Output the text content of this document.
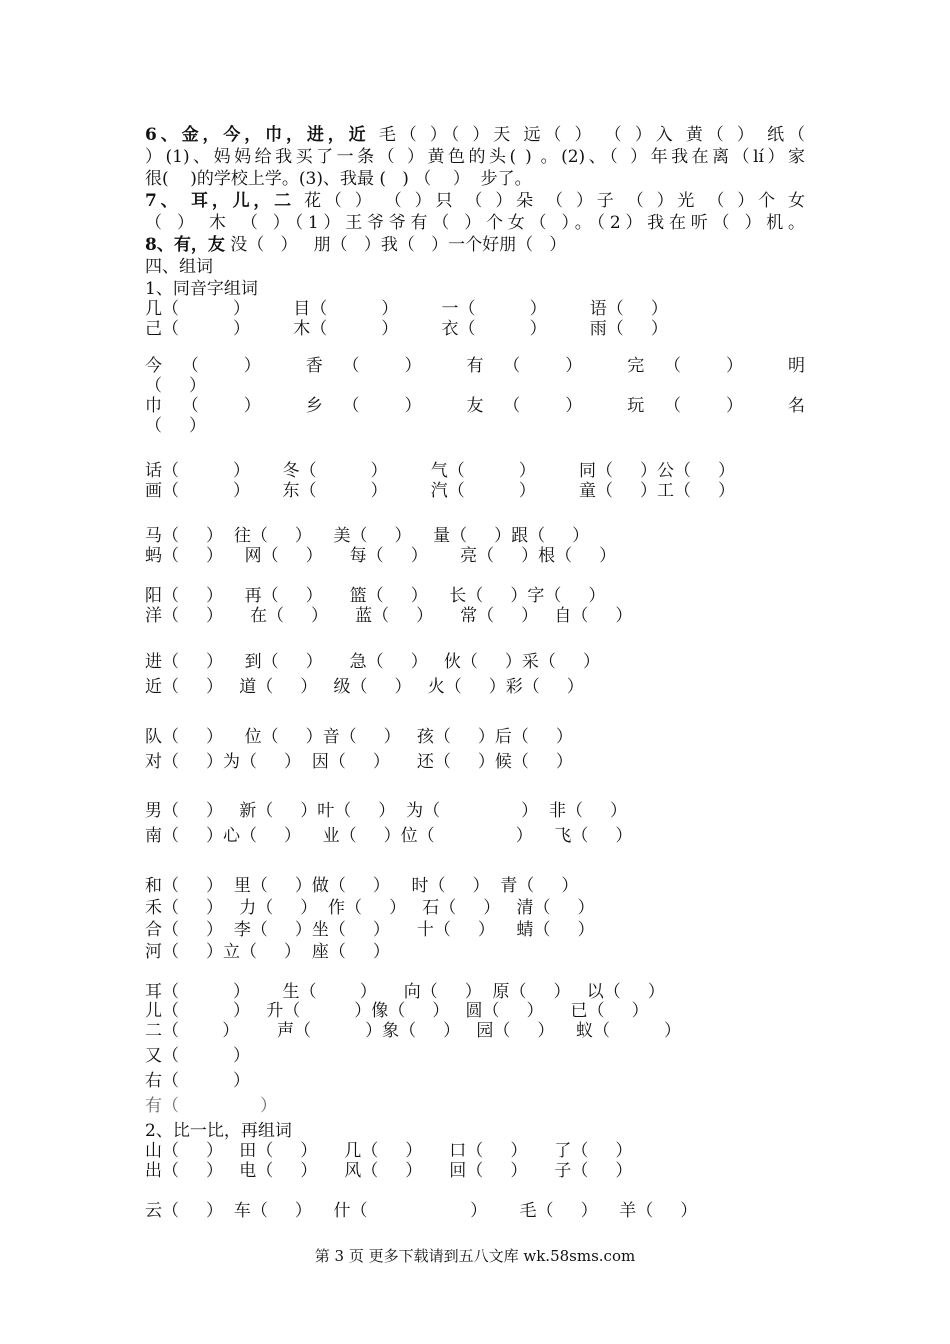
6、金，今，巾，进，近 毛（ ）（ ）天 远（ ） （ ）入 黄（ ） 纸（

）(1)、妈妈给我买了一条（ ）黄色的头( ) 。(2)、（ ）年我在离（lí）家

很(    )的学校上学。(3)、我最 (   ) （    ）  步了。

7、 耳，儿，二 花（ ） （ ）只 （ ）朵 （ ）子 （ ）光 （ ）个 女

（ ） 木 （ ）（1）王爷爷有（ ）个女（ ）。（2）我在听（ ）机。

8、有，友 没（   ）   朋（   ）我（   ）一个好朋（   ）

四、组词

1、同音字组词

几（          ）        目（          ）        一（          ）        语（     ）

己（          ）        木（          ）        衣（          ）        雨（     ）

今（ ） 香（ ） 有（ ） 完（ ） 明

（     ）

巾（ ） 乡（ ） 友（ ） 玩（ ） 名

（     ）

话（          ）      冬（          ）        气（          ）        同（     ）公（     ）

画（          ）      东（          ）        汽（          ）        童（     ）工（     ）

马（     ）  往（     ）    美（     ）    量（     ）跟（     ）

蚂（     ）    网（     ）     每（     ）      亮（     ）根（     ）

阳（     ）    再（     ）     篮（     ）    长（     ）字（     ）

洋（     ）     在（     ）     蓝（     ）     常（     ）   自（     ）

进（     ）    到（     ）     急（     ）   伙（     ）采（     ）

近（     ）   道（     ）   级（     ）   火（     ）彩（     ）

队（     ）    位（     ）音（     ）   孩（     ）后（     ）

对（     ）为（     ）  因（     ）     还（     ）候（     ）

男（     ）   新（     ）叶（     ）  为（               ）  非（     ）

南（     ）心（     ）    业（     ）位（               ）    飞（     ）

和（     ）  里（     ）做（     ）    时（     ）  青（     ）

禾（     ）   力（     ）  作（     ）   石（     ）   清（     ）

合（     ）  李（     ）坐（     ）     十（     ）    蜻（     ）

河（     ）立（     ）  座（     ）

耳（          ）      生（        ）     向（     ）  原（     ）   以（     ）

儿（          ）   升（          ）像（     ）   圆（     ）     已（     ）

二（        ）       声（          ）象（     ）   园（     ）    蚁（          ）

又（          ）

右（          ）

有（               ）

2、比一比，再组词

山（     ）   田（     ）     几（     ）     口（     ）     了（     ）

出（     ）   电（     ）     风（     ）     回（     ）     子（     ）

云（     ）  车（     ）    什（                   ）      毛（     ）    羊（     ）

第 3 页 更多下载请到五八文库 wk.58sms.com
